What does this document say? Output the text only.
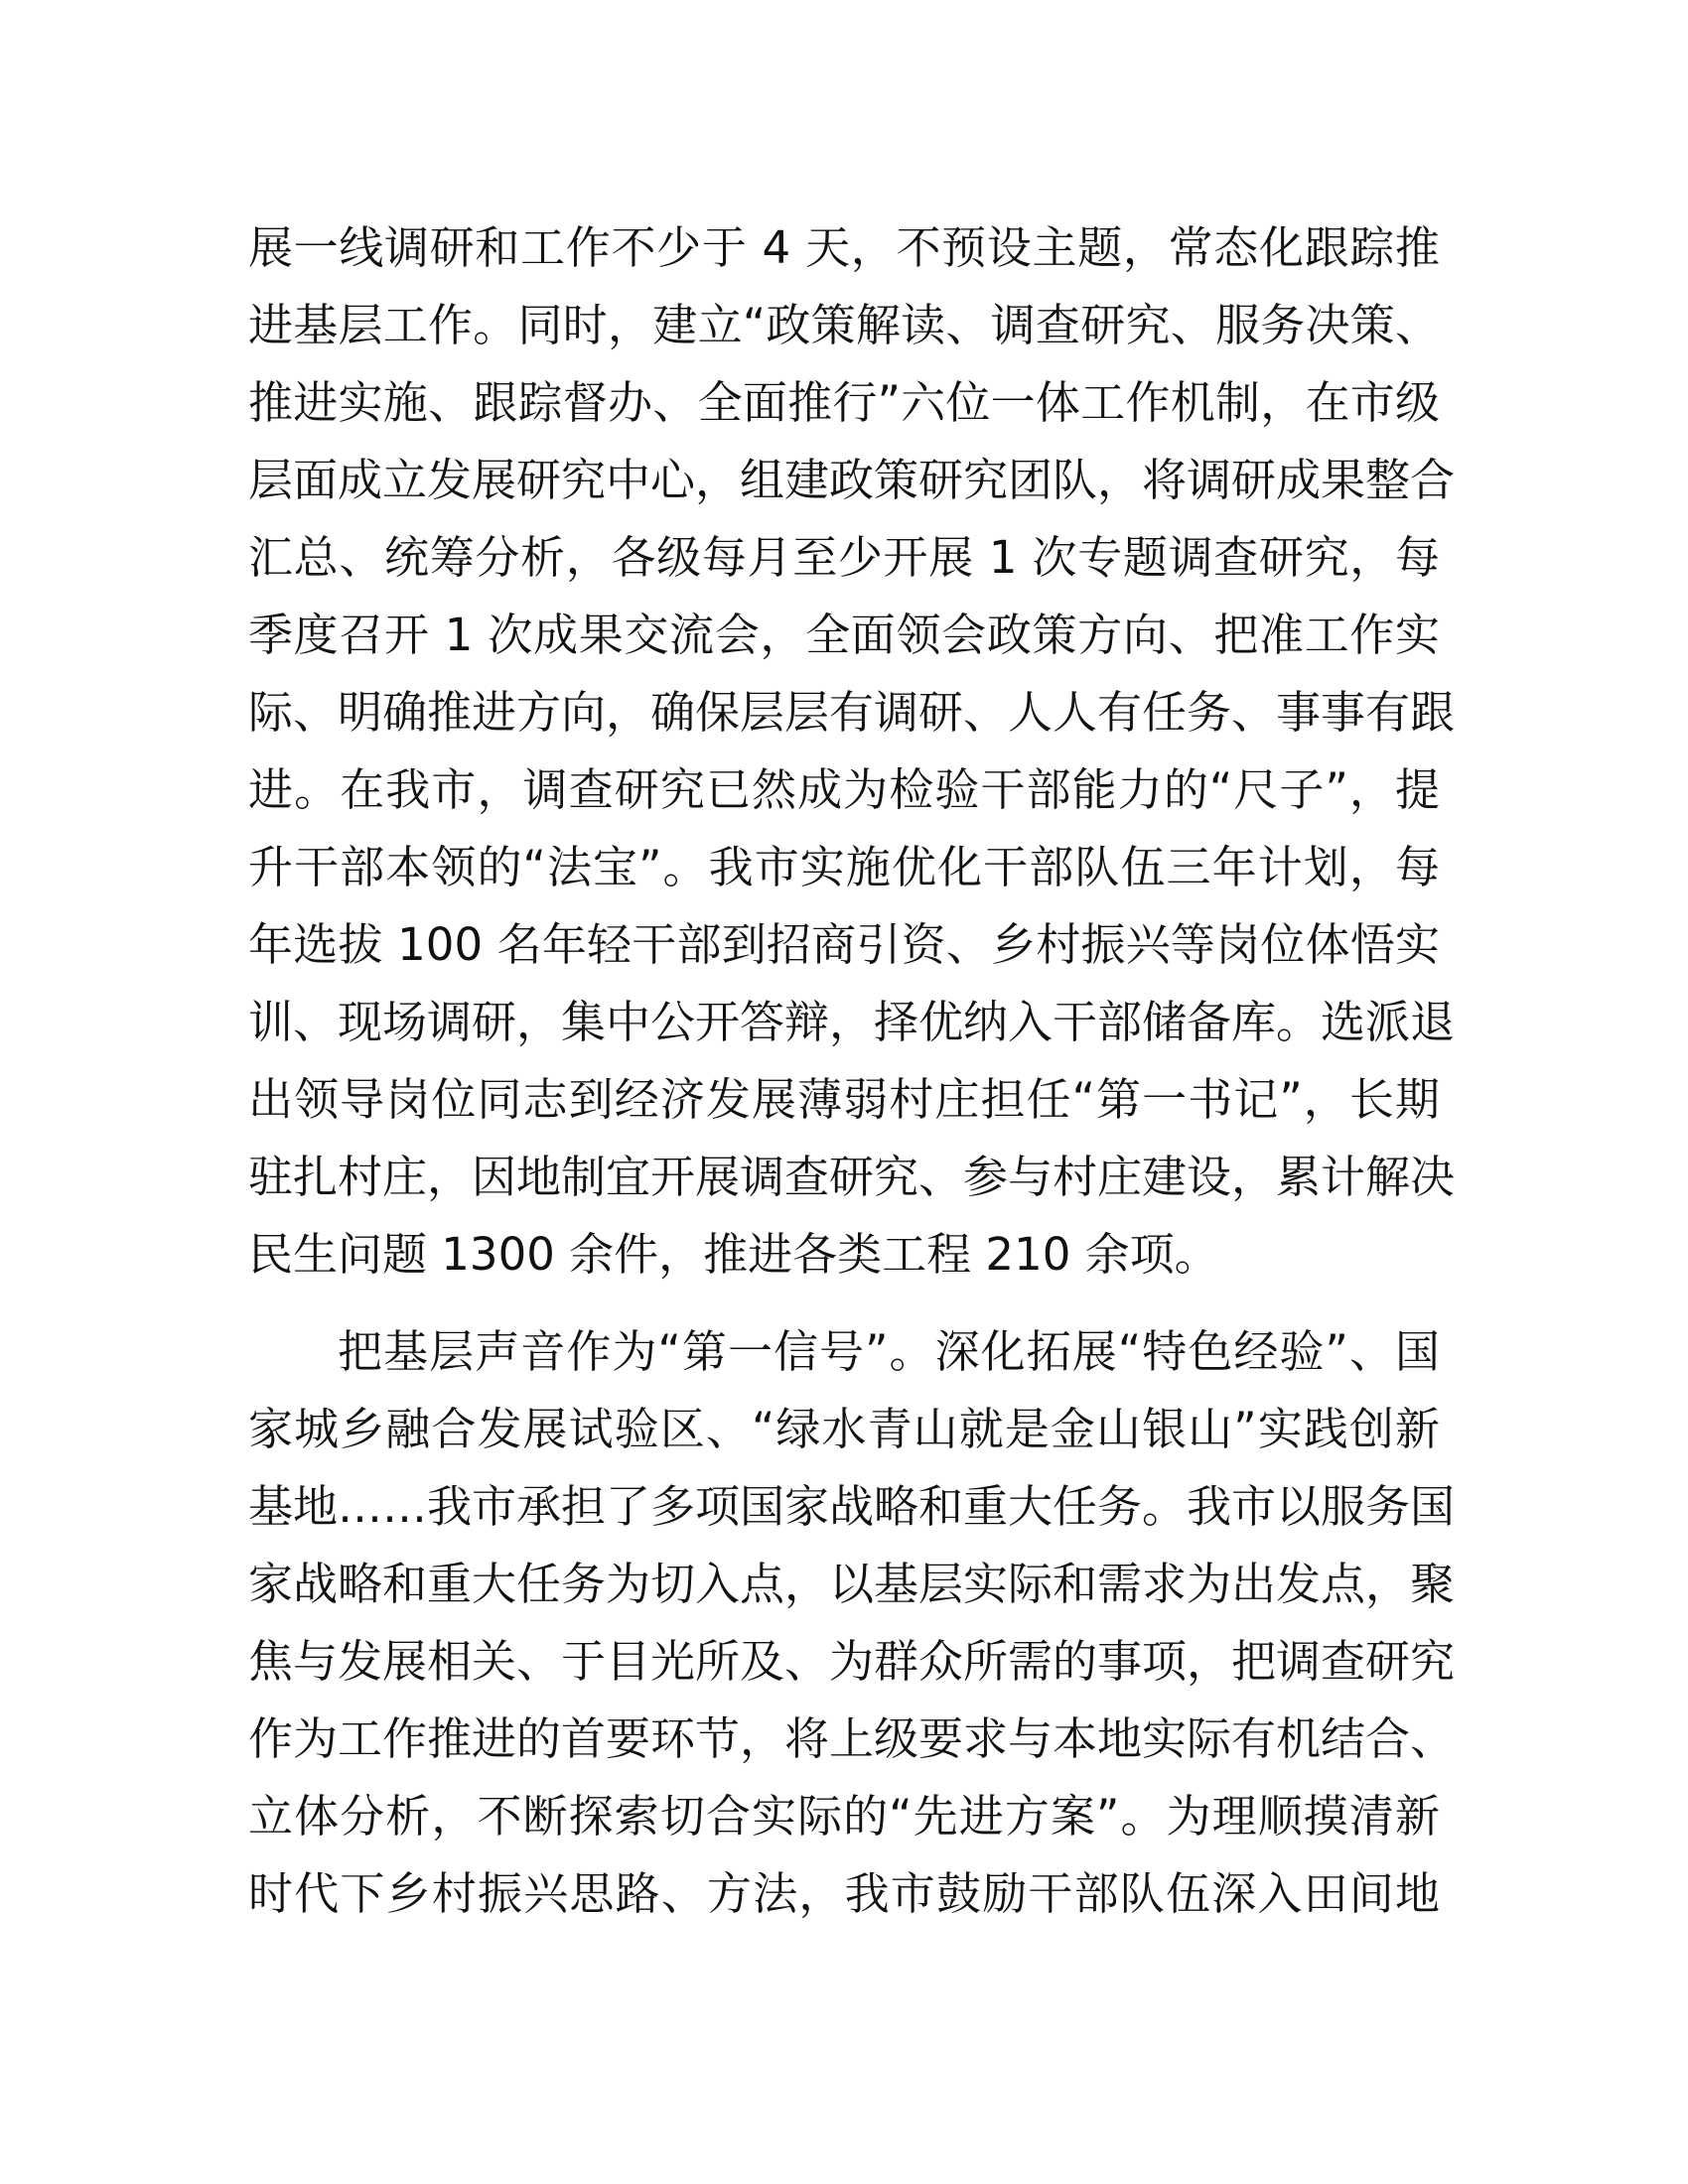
展一线调研和工作不少于 4 天，不预设主题，常态化跟踪推
进基层工作。同时，建立“政策解读、调查研究、服务决策、
推进实施、跟踪督办、全面推行”六位一体工作机制，在市级
层面成立发展研究中心，组建政策研究团队，将调研成果整合
汇总、统筹分析，各级每月至少开展 1 次专题调查研究，每
季度召开 1 次成果交流会，全面领会政策方向、把准工作实
际、明确推进方向，确保层层有调研、人人有任务、事事有跟
进。在我市，调查研究已然成为检验干部能力的“尺子”，提
升干部本领的“法宝”。我市实施优化干部队伍三年计划，每
年选拔 100 名年轻干部到招商引资、乡村振兴等岗位体悟实
训、现场调研，集中公开答辩，择优纳入干部储备库。选派退
出领导岗位同志到经济发展薄弱村庄担任“第一书记”，长期
驻扎村庄，因地制宜开展调查研究、参与村庄建设，累计解决
民生问题 1300 余件，推进各类工程 210 余项。
把基层声音作为“第一信号”。深化拓展“特色经验”、国
家城乡融合发展试验区、“绿水青山就是金山银山”实践创新
基地……我市承担了多项国家战略和重大任务。我市以服务国
家战略和重大任务为切入点，以基层实际和需求为出发点，聚
焦与发展相关、于目光所及、为群众所需的事项，把调查研究
作为工作推进的首要环节，将上级要求与本地实际有机结合、
立体分析，不断探索切合实际的“先进方案”。为理顺摸清新
时代下乡村振兴思路、方法，我市鼓励干部队伍深入田间地
